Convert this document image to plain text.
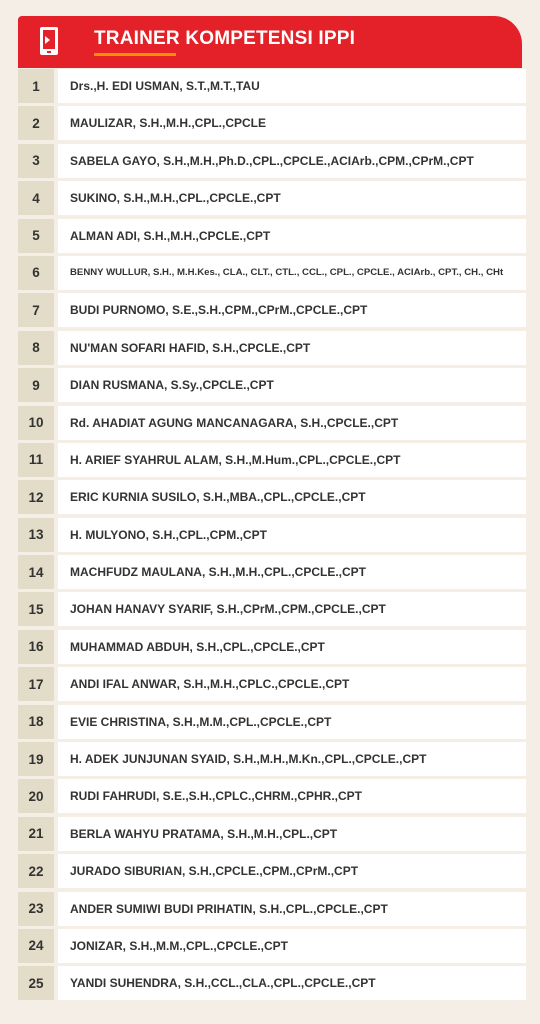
TRAINER KOMPETENSI IPPI
1	Drs.,H. EDI USMAN, S.T.,M.T.,TAU
2	MAULIZAR, S.H.,M.H.,CPL.,CPCLE
3	SABELA GAYO, S.H.,M.H.,Ph.D.,CPL.,CPCLE.,ACIArb.,CPM.,CPrM.,CPT
4	SUKINO, S.H.,M.H.,CPL.,CPCLE.,CPT
5	ALMAN ADI, S.H.,M.H.,CPCLE.,CPT
6	BENNY WULLUR, S.H., M.H.Kes., CLA., CLT., CTL., CCL., CPL., CPCLE., ACIArb., CPT., CH., CHt
7	BUDI PURNOMO, S.E.,S.H.,CPM.,CPrM.,CPCLE.,CPT
8	NU'MAN SOFARI HAFID, S.H.,CPCLE.,CPT
9	DIAN RUSMANA, S.Sy.,CPCLE.,CPT
10	Rd. AHADIAT AGUNG MANCANAGARA, S.H.,CPCLE.,CPT
11	H. ARIEF SYAHRUL ALAM, S.H.,M.Hum.,CPL.,CPCLE.,CPT
12	ERIC KURNIA SUSILO, S.H.,MBA.,CPL.,CPCLE.,CPT
13	H. MULYONO, S.H.,CPL.,CPM.,CPT
14	MACHFUDZ MAULANA, S.H.,M.H.,CPL.,CPCLE.,CPT
15	JOHAN HANAVY SYARIF, S.H.,CPrM.,CPM.,CPCLE.,CPT
16	MUHAMMAD ABDUH, S.H.,CPL.,CPCLE.,CPT
17	ANDI IFAL ANWAR, S.H.,M.H.,CPLC.,CPCLE.,CPT
18	EVIE CHRISTINA, S.H.,M.M.,CPL.,CPCLE.,CPT
19	H. ADEK JUNJUNAN SYAID, S.H.,M.H.,M.Kn.,CPL.,CPCLE.,CPT
20	RUDI FAHRUDI, S.E.,S.H.,CPLC.,CHRM.,CPHR.,CPT
21	BERLA WAHYU PRATAMA, S.H.,M.H.,CPL.,CPT
22	JURADO SIBURIAN, S.H.,CPCLE.,CPM.,CPrM.,CPT
23	ANDER SUMIWI BUDI PRIHATIN, S.H.,CPL.,CPCLE.,CPT
24	JONIZAR, S.H.,M.M.,CPL.,CPCLE.,CPT
25	YANDI SUHENDRA, S.H.,CCL.,CLA.,CPL.,CPCLE.,CPT
